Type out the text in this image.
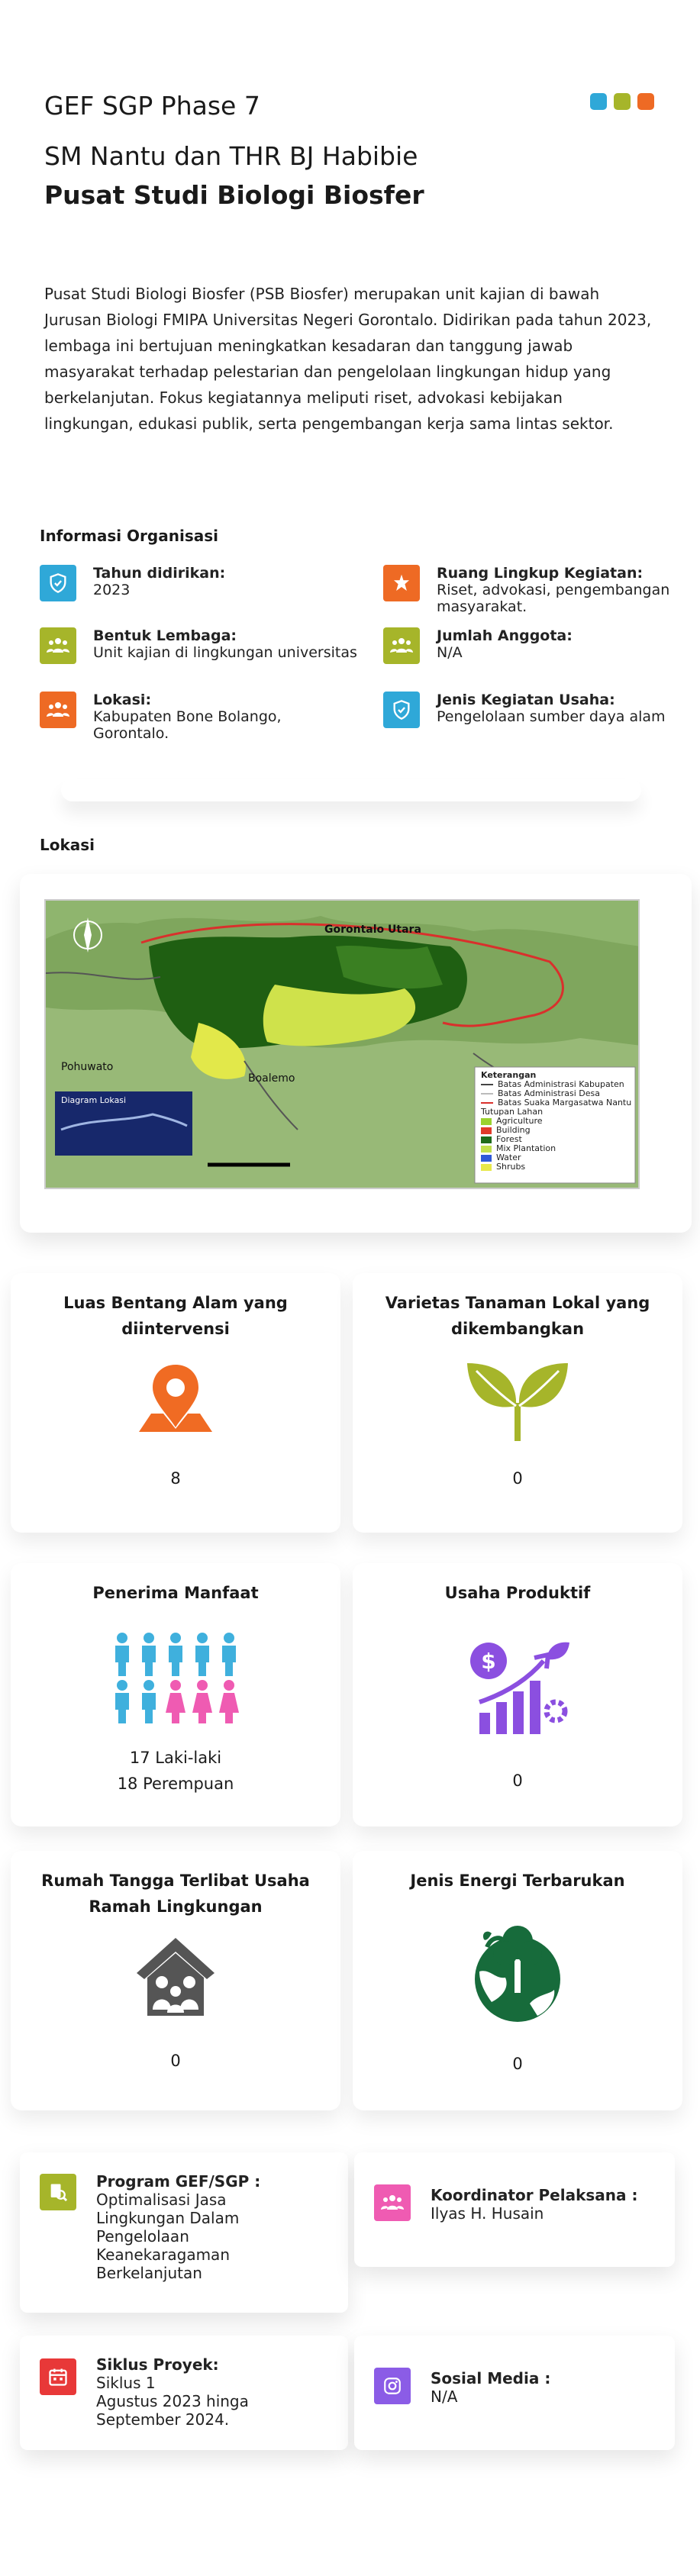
GEF SGP Phase 7
SM Nantu dan THR BJ Habibie
Pusat Studi Biologi Biosfer
Pusat Studi Biologi Biosfer (PSB Biosfer) merupakan unit kajian di bawah Jurusan Biologi FMIPA Universitas Negeri Gorontalo. Didirikan pada tahun 2023, lembaga ini bertujuan meningkatkan kesadaran dan tanggung jawab masyarakat terhadap pelestarian dan pengelolaan lingkungan hidup yang berkelanjutan. Fokus kegiatannya meliputi riset, advokasi kebijakan lingkungan, edukasi publik, serta pengembangan kerja sama lintas sektor.
Informasi Organisasi
Tahun didirikan:
2023
Ruang Lingkup Kegiatan:
Riset, advokasi, pengembangan masyarakat.
Bentuk Lembaga:
Unit kajian di lingkungan universitas
Jumlah Anggota:
N/A
Lokasi:
Kabupaten Bone Bolango, Gorontalo.
Jenis Kegiatan Usaha:
Pengelolaan sumber daya alam
Lokasi
Gorontalo Utara
Pohuwato
Boalemo
Diagram Lokasi
Keterangan
Batas Administrasi Kabupaten
Batas Administrasi Desa
Batas Suaka Margasatwa Nantu
Tutupan Lahan
Agriculture
Building
Forest
Mix Plantation
Water
Shrubs
Luas Bentang Alam yang diintervensi
8
Varietas Tanaman Lokal yang dikembangkan
0
Penerima Manfaat
17 Laki-laki
18 Perempuan
Usaha Produktif
$
0
Rumah Tangga Terlibat Usaha Ramah Lingkungan
0
Jenis Energi Terbarukan
0
Program GEF/SGP :
Optimalisasi Jasa Lingkungan Dalam Pengelolaan Keanekaragaman Berkelanjutan
Koordinator Pelaksana :
Ilyas H. Husain
Siklus Proyek:
Siklus 1
Agustus 2023 hinga September 2024.
Sosial Media :
N/A
